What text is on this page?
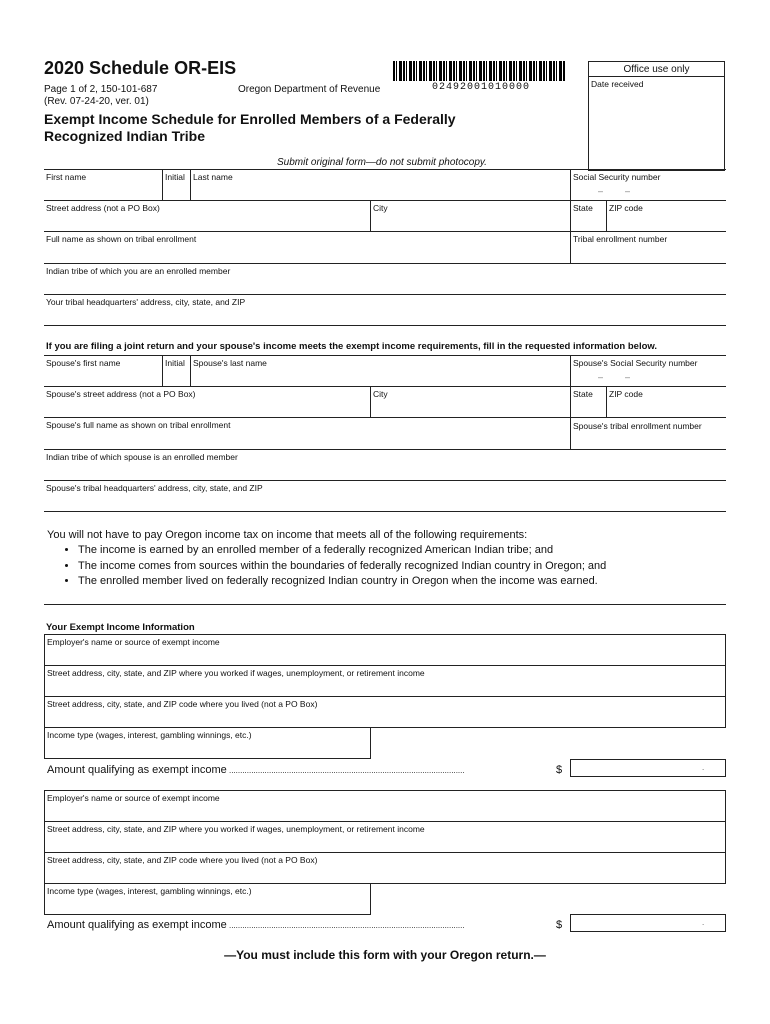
2020 Schedule OR-EIS
Page 1 of 2, 150-101-687
(Rev. 07-24-20, ver. 01)
Oregon Department of Revenue	02492001010000
Office use only
Date received
Exempt Income Schedule for Enrolled Members of a Federally
Recognized Indian Tribe
Submit original form—do not submit photocopy.
First name	Initial Last name	Social Security number
– –
Street address (not a PO Box)	City	State ZIP code
Full name as shown on tribal enrollment	Tribal enrollment number
Indian tribe of which you are an enrolled member
Your tribal headquarters' address, city, state, and ZIP
If you are filing a joint return and your spouse's income meets the exempt income requirements, fill in the requested information below.
Spouse's first name	Initial Spouse's last name	Spouse's Social Security number
– –
Spouse's street address (not a PO Box)	City	State ZIP code
Spouse's full name as shown on tribal enrollment	Spouse's tribal enrollment number
Indian tribe of which spouse is an enrolled member
Spouse's tribal headquarters' address, city, state, and ZIP
You will not have to pay Oregon income tax on income that meets all of the following requirements:
• The income is earned by an enrolled member of a federally recognized American Indian tribe; and
• The income comes from sources within the boundaries of federally recognized Indian country in Oregon; and
• The enrolled member lived on federally recognized Indian country in Oregon when the income was earned.
Your Exempt Income Information
Employer's name or source of exempt income
Street address, city, state, and ZIP where you worked if wages, unemployment, or retirement income
Street address, city, state, and ZIP code where you lived (not a PO Box)
Income type (wages, interest, gambling winnings, etc.)
Amount qualifying as exempt income ..........................................................................................................	$	.
Employer's name or source of exempt income
Street address, city, state, and ZIP where you worked if wages, unemployment, or retirement income
Street address, city, state, and ZIP code where you lived (not a PO Box)
Income type (wages, interest, gambling winnings, etc.)
Amount qualifying as exempt income ..........................................................................................................	$	.
—You must include this form with your Oregon return.—
